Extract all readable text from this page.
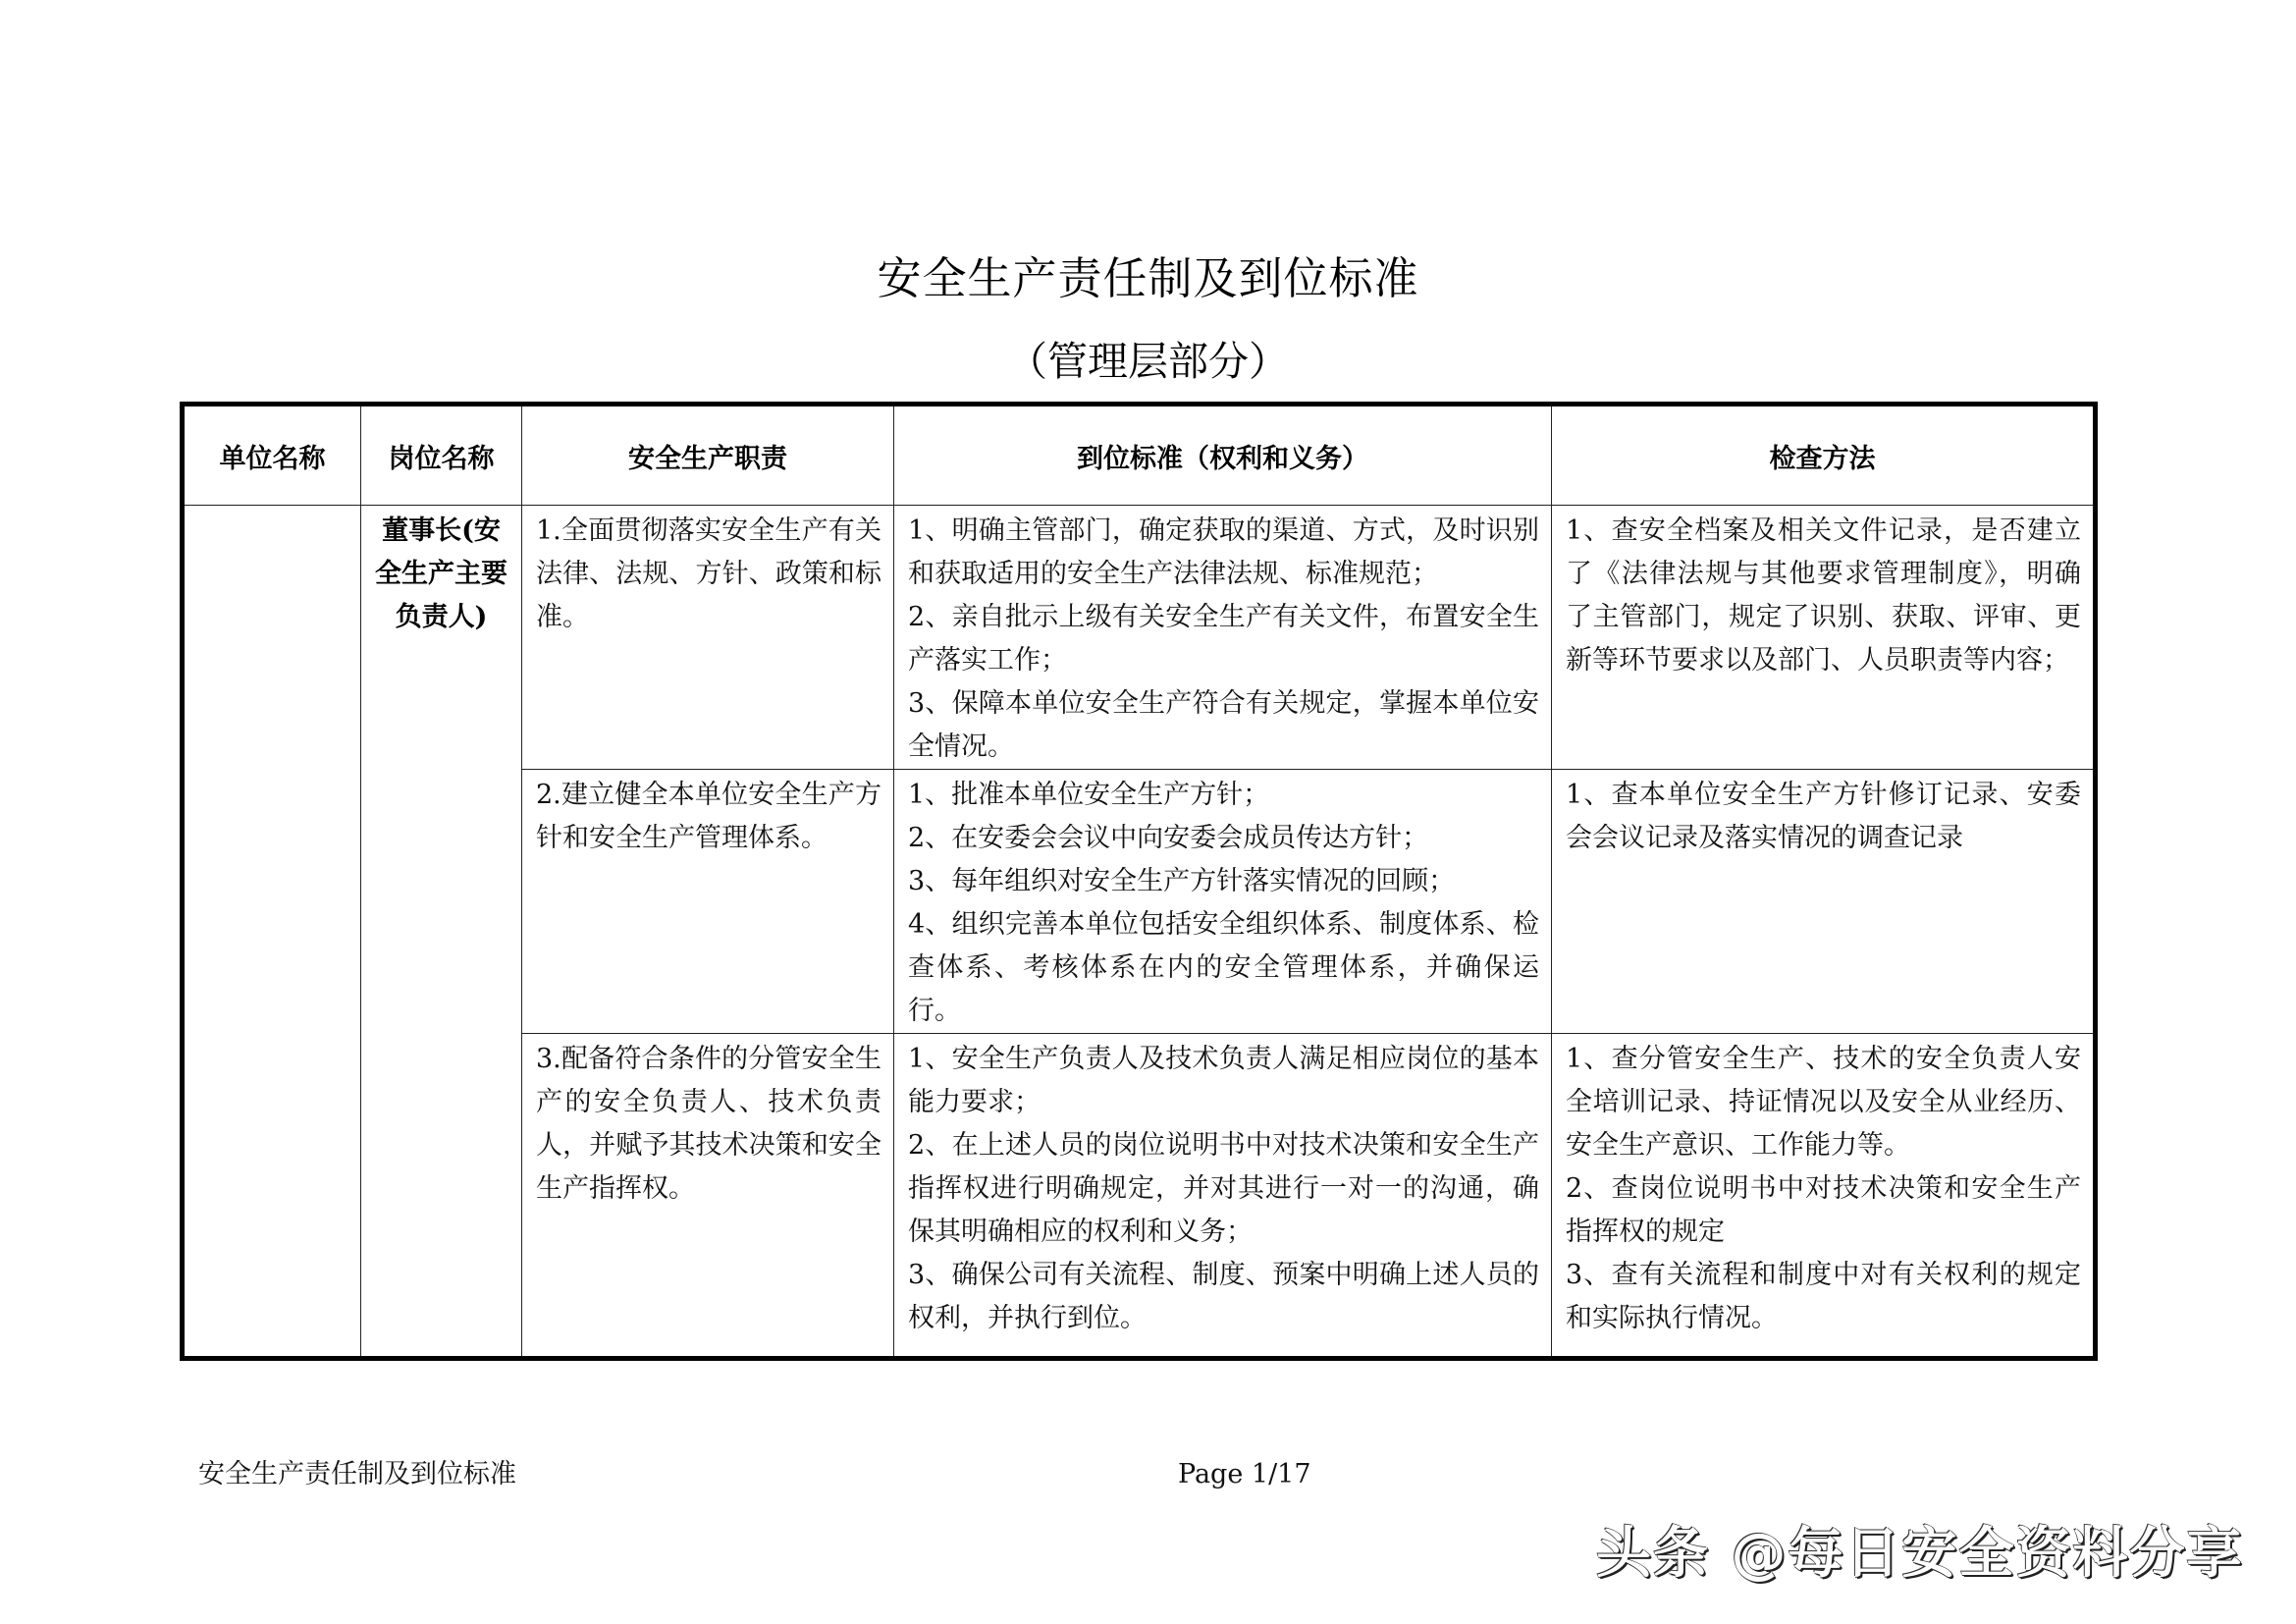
安全生产责任制及到位标准
（管理层部分）
单位名称	岗位名称	安全生产职责	到位标准（权利和义务）	检查方法

	董事长(安全生产主要负责人)	1.全面贯彻落实安全生产有关法律、法规、方针、政策和标准。	1、明确主管部门，确定获取的渠道、方式，及时识别和获取适用的安全生产法律法规、标准规范；
2、亲自批示上级有关安全生产有关文件，布置安全生产落实工作；
3、保障本单位安全生产符合有关规定，掌握本单位安全情况。	1、查安全档案及相关文件记录，是否建立了《法律法规与其他要求管理制度》，明确了主管部门，规定了识别、获取、评审、更新等环节要求以及部门、人员职责等内容；

		2.建立健全本单位安全生产方针和安全生产管理体系。	1、批准本单位安全生产方针；
2、在安委会会议中向安委会成员传达方针；
3、每年组织对安全生产方针落实情况的回顾；
4、组织完善本单位包括安全组织体系、制度体系、检查体系、考核体系在内的安全管理体系，并确保运行。	1、查本单位安全生产方针修订记录、安委会会议记录及落实情况的调查记录

		3.配备符合条件的分管安全生产的安全负责人、技术负责人，并赋予其技术决策和安全生产指挥权。	1、安全生产负责人及技术负责人满足相应岗位的基本能力要求；
2、在上述人员的岗位说明书中对技术决策和安全生产指挥权进行明确规定，并对其进行一对一的沟通，确保其明确相应的权利和义务；
3、确保公司有关流程、制度、预案中明确上述人员的权利，并执行到位。	1、查分管安全生产、技术的安全负责人安全培训记录、持证情况以及安全从业经历、安全生产意识、工作能力等。
2、查岗位说明书中对技术决策和安全生产指挥权的规定
3、查有关流程和制度中对有关权利的规定和实际执行情况。
安全生产责任制及到位标准	Page 1/17
头条 @每日安全资料分享
